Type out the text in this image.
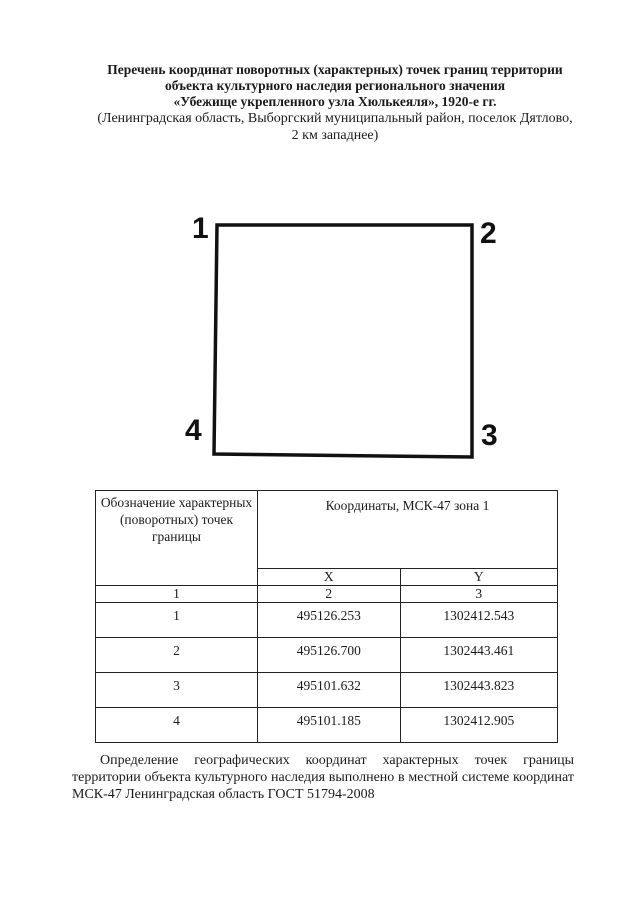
Перечень координат поворотных (характерных) точек границ территории
объекта культурного наследия регионального значения
«Убежище укрепленного узла Хюлькеяля», 1920-е гг.
(Ленинградская область, Выборгский муниципальный район, поселок Дятлово,
2 км западнее)
1	2
3
4
Обозначение характерных (поворотных) точек границы	Координаты, МСК-47 зона 1	
	X	Y
1	2	3
1	495126.253	1302412.543
2	495126.700	1302443.461
3	495101.632	1302443.823
4	495101.185	1302412.905

Определение географических координат характерных точек границы территории объекта культурного наследия выполнено в местной системе координат МСК-47 Ленинградская область ГОСТ 51794-2008
